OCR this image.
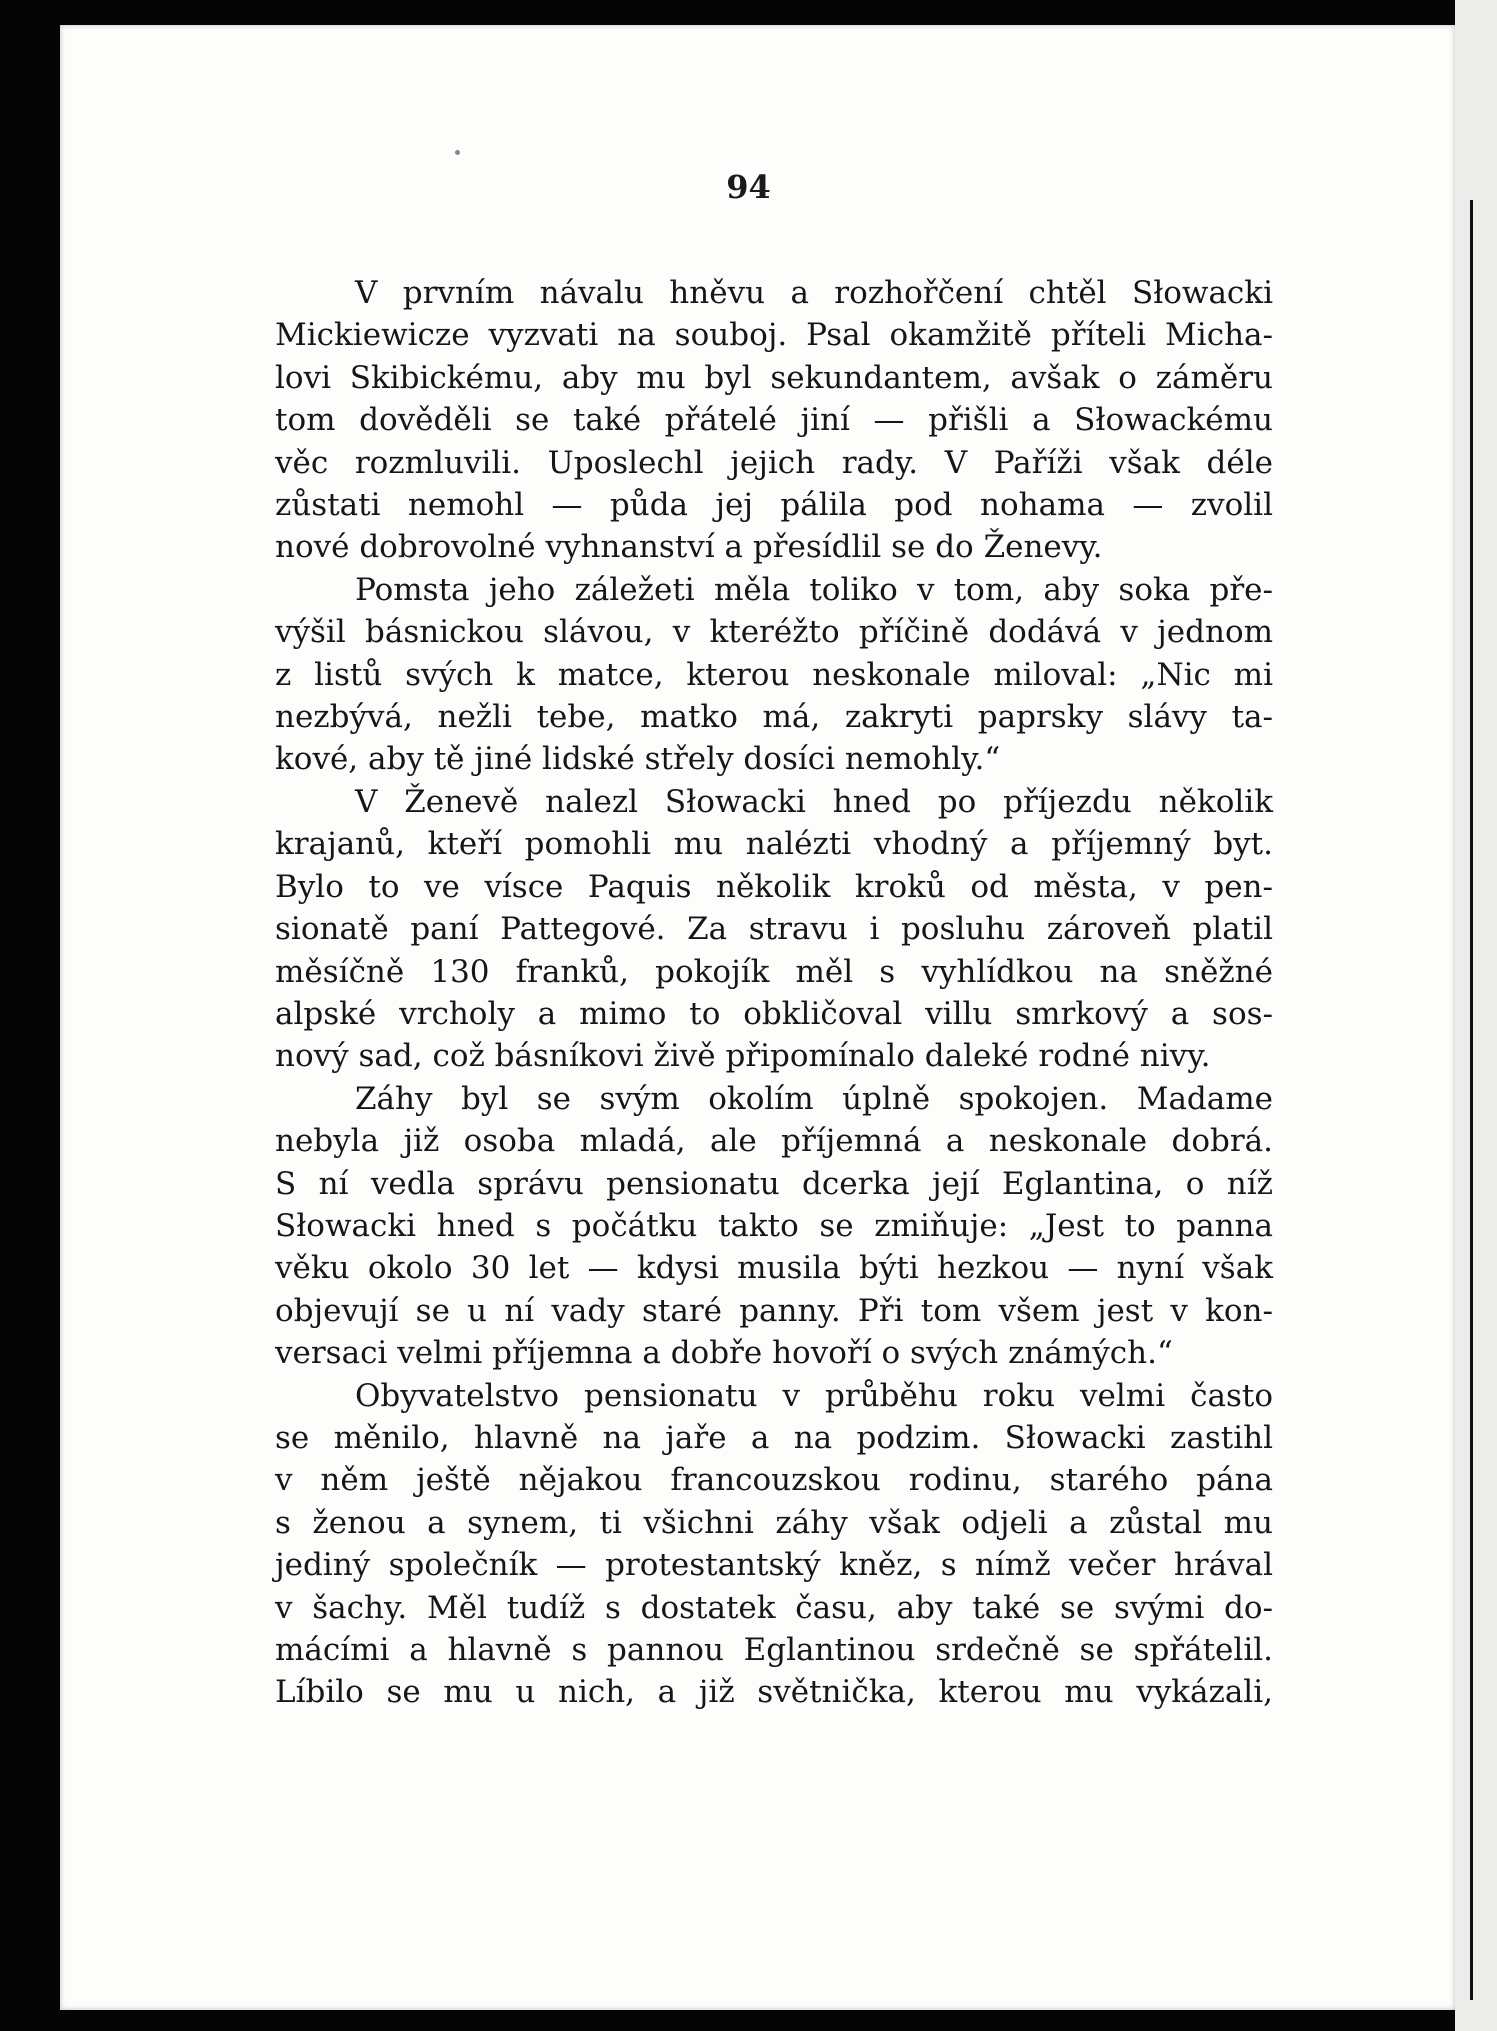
94
V prvním návalu hněvu a rozhořčení chtěl Słowacki
Mickiewicze vyzvati na souboj. Psal okamžitě příteli Micha-
lovi Skibickému, aby mu byl sekundantem, avšak o záměru
tom dověděli se také přátelé jiní — přišli a Słowackému
věc rozmluvili. Uposlechl jejich rady. V Paříži však déle
zůstati nemohl — půda jej pálila pod nohama — zvolil
nové dobrovolné vyhnanství a přesídlil se do Ženevy.
Pomsta jeho záležeti měla toliko v tom, aby soka pře-
výšil básnickou slávou, v kteréžto příčině dodává v jednom
z listů svých k matce, kterou neskonale miloval: „Nic mi
nezbývá, nežli tebe, matko má, zakryti paprsky slávy ta-
kové, aby tě jiné lidské střely dosíci nemohly.“
V Ženevě nalezl Słowacki hned po příjezdu několik
krajanů, kteří pomohli mu nalézti vhodný a příjemný byt.
Bylo to ve vísce Paquis několik kroků od města, v pen-
sionatě paní Pattegové. Za stravu i posluhu zároveň platil
měsíčně 130 franků, pokojík měl s vyhlídkou na sněžné
alpské vrcholy a mimo to obkličoval villu smrkový a sos-
nový sad, což básníkovi živě připomínalo daleké rodné nivy.
Záhy byl se svým okolím úplně spokojen. Madame
nebyla již osoba mladá, ale příjemná a neskonale dobrá.
S ní vedla správu pensionatu dcerka její Eglantina, o níž
Słowacki hned s počátku takto se zmiňuje: „Jest to panna
věku okolo 30 let — kdysi musila býti hezkou — nyní však
objevují se u ní vady staré panny. Při tom všem jest v kon-
versaci velmi příjemna a dobře hovoří o svých známých.“
Obyvatelstvo pensionatu v průběhu roku velmi často
se měnilo, hlavně na jaře a na podzim. Słowacki zastihl
v něm ještě nějakou francouzskou rodinu, starého pána
s ženou a synem, ti všichni záhy však odjeli a zůstal mu
jediný společník — protestantský kněz, s nímž večer hrával
v šachy. Měl tudíž s dostatek času, aby také se svými do-
mácími a hlavně s pannou Eglantinou srdečně se spřátelil.
Líbilo se mu u nich, a již světnička, kterou mu vykázali,
